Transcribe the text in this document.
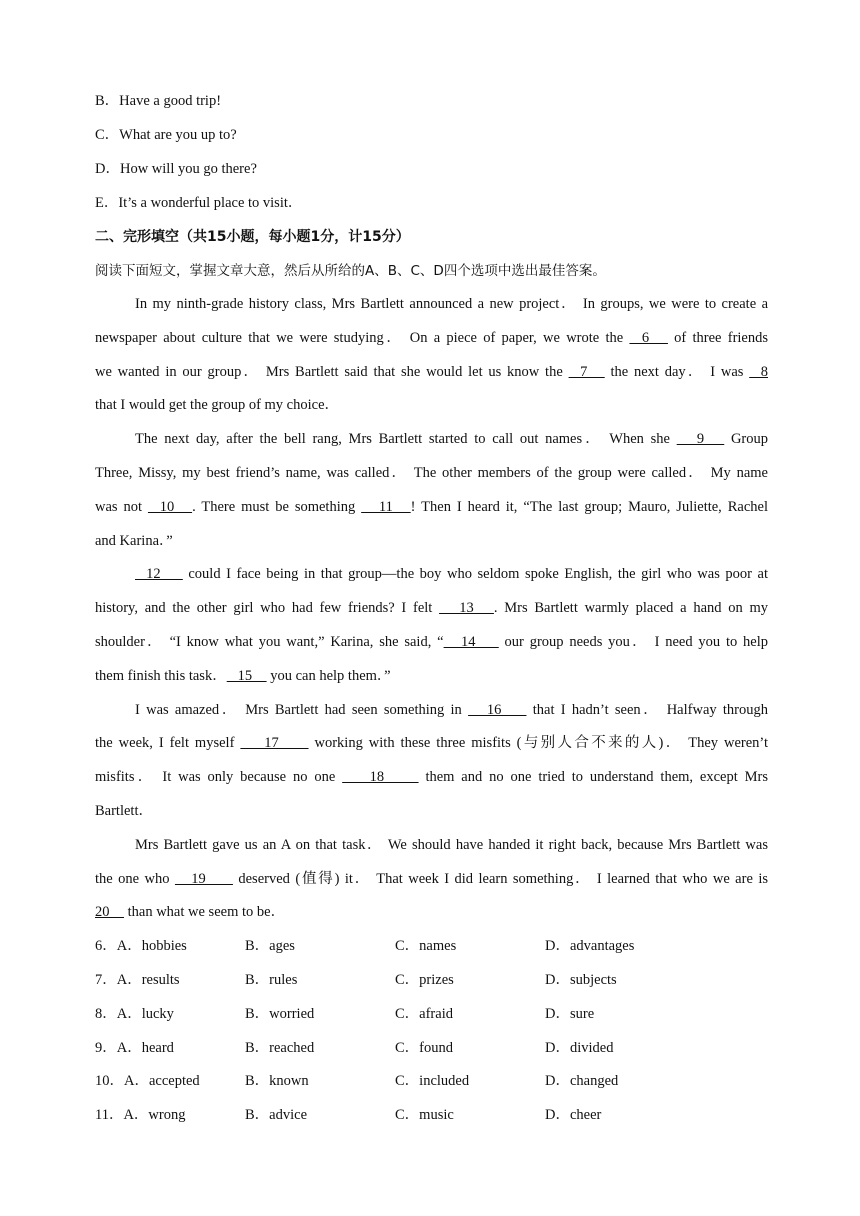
B．Have a good trip!
C．What are you up to?
D．How will you go there?
E．It’s a wonderful place to visit．
二、完形填空（共15小题，每小题1分，计15分）
阅读下面短文，掌握文章大意，然后从所给的A、B、C、D四个选项中选出最佳答案。

In my ninth-grade history class, Mrs Bartlett announced a new project． In groups, we were to create a

newspaper about culture that we were studying． On a piece of paper, we wrote the   6    of three friends

we wanted in our group． Mrs Bartlett said that she would let us know the   7    the next day． I was   8

that I would get the group of my choice．

The next day, after the bell rang, Mrs Bartlett started to call out names． When she    9    Group

Three, Missy, my best friend’s name, was called． The other members of the group were called． My name

was not   10   . There must be something    11   ! Then I heard it, “The last group; Mauro, Juliette, Rachel

and Karina．”

12     could I face being in that group—the boy who seldom spoke English, the girl who was poor at

history, and the other girl who had few friends? I felt    13   . Mrs Bartlett warmly placed a hand on my

shoulder． “I know what you want,” Karina, she said, “   14     our group needs you． I need you to help

them finish this task．   15     you can help them．”

I was amazed． Mrs Bartlett had seen something in    16     that I hadn’t seen． Halfway through

the week, I felt myself     17      working with these three misfits (与别人合不来的人)． They weren’t

misfits． It was only because no one     18      them and no one tried to understand them, except Mrs

Bartlett．

Mrs Bartlett gave us an A on that task． We should have handed it right back, because Mrs Bartlett was

the one who    19      deserved (值得) it． That week I did learn something． I learned that who we are is

20     than what we seem to be．

6．A．hobbies	B．ages	C．names	D．advantages
7．A．results	B．rules	C．prizes	D．subjects
8．A．lucky	B．worried	C．afraid	D．sure
9．A．heard	B．reached	C．found	D．divided
10．A．accepted	B．known	C．included	D．changed
11．A．wrong	B．advice	C．music	D．cheer
